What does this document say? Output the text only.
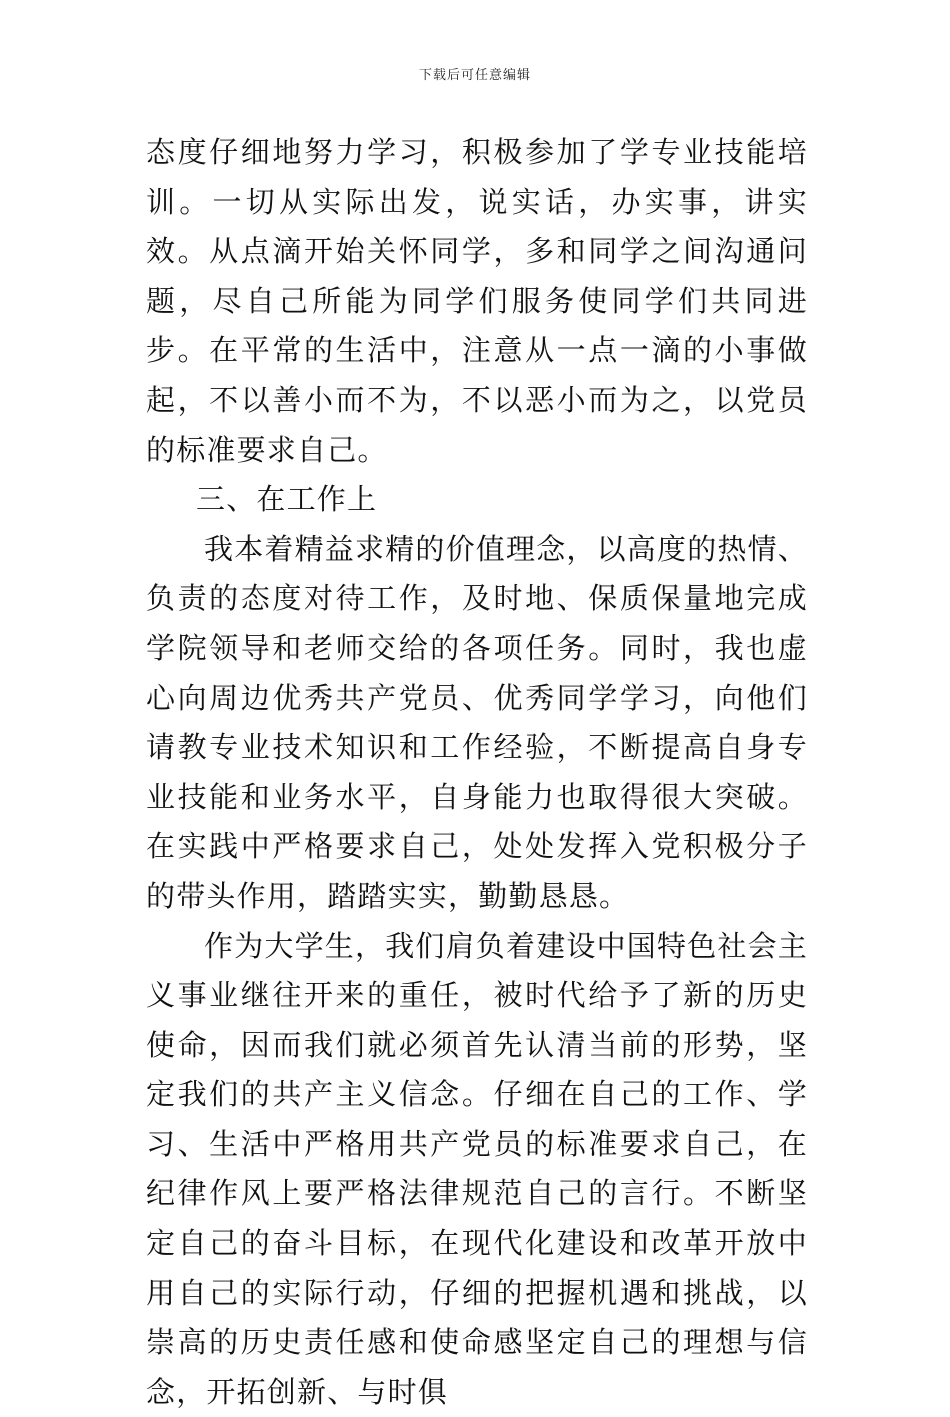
下载后可任意编辑

态度仔细地努力学习，积极参加了学专业技能培训。一切从实际出发，说实话，办实事，讲实效。从点滴开始关怀同学，多和同学之间沟通问题，尽自己所能为同学们服务使同学们共同进步。在平常的生活中，注意从一点一滴的小事做起，不以善小而不为，不以恶小而为之，以党员的标准要求自己。

三、在工作上

我本着精益求精的价值理念，以高度的热情、负责的态度对待工作，及时地、保质保量地完成学院领导和老师交给的各项任务。同时，我也虚心向周边优秀共产党员、优秀同学学习，向他们请教专业技术知识和工作经验，不断提高自身专业技能和业务水平，自身能力也取得很大突破。在实践中严格要求自己，处处发挥入党积极分子的带头作用，踏踏实实，勤勤恳恳。

作为大学生，我们肩负着建设中国特色社会主义事业继往开来的重任，被时代给予了新的历史使命，因而我们就必须首先认清当前的形势，坚定我们的共产主义信念。仔细在自己的工作、学习、生活中严格用共产党员的标准要求自己，在纪律作风上要严格法律规范自己的言行。不断坚定自己的奋斗目标，在现代化建设和改革开放中用自己的实际行动，仔细的把握机遇和挑战，以崇高的历史责任感和使命感坚定自己的理想与信念，开拓创新、与时俱
